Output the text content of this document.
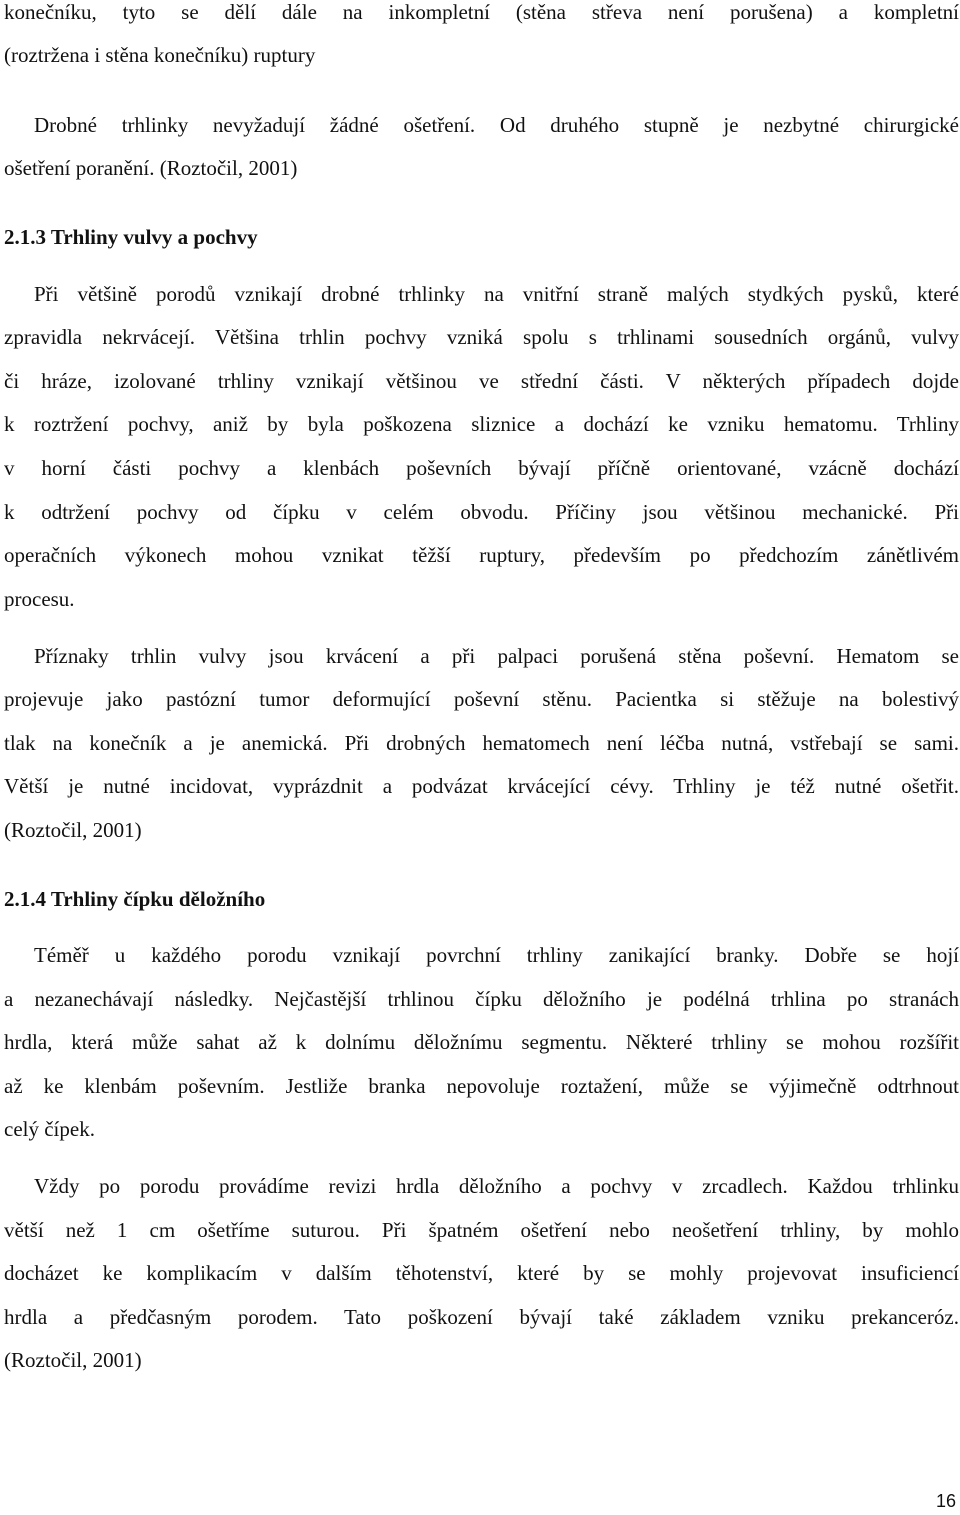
konečníku, tyto se dělí dále na inkompletní (stěna střeva není porušena) a kompletní
(roztržena i stěna konečníku) ruptury
Drobné trhlinky nevyžadují žádné ošetření. Od druhého stupně je nezbytné chirurgické
ošetření poranění. (Roztočil, 2001)
2.1.3 Trhliny vulvy a pochvy
Při většině porodů vznikají drobné trhlinky na vnitřní straně malých stydkých pysků, které
zpravidla nekrvácejí. Většina trhlin pochvy vzniká spolu s trhlinami sousedních orgánů, vulvy
či hráze, izolované trhliny vznikají většinou ve střední části. V některých případech dojde
k roztržení pochvy, aniž by byla poškozena sliznice a dochází ke vzniku hematomu. Trhliny
v horní části pochvy a klenbách poševních bývají příčně orientované, vzácně dochází
k odtržení pochvy od čípku v celém obvodu. Příčiny jsou většinou mechanické. Při
operačních výkonech mohou vznikat těžší ruptury, především po předchozím zánětlivém
procesu.
Příznaky trhlin vulvy jsou krvácení a při palpaci porušená stěna poševní. Hematom se
projevuje jako pastózní tumor deformující poševní stěnu. Pacientka si stěžuje na bolestivý
tlak na konečník a je anemická. Při drobných hematomech není léčba nutná, vstřebají se sami.
Větší je nutné incidovat, vyprázdnit a podvázat krvácející cévy. Trhliny je též nutné ošetřit.
(Roztočil, 2001)
2.1.4 Trhliny čípku děložního
Téměř u každého porodu vznikají povrchní trhliny zanikající branky. Dobře se hojí
a nezanechávají následky. Nejčastější trhlinou čípku děložního je podélná trhlina po stranách
hrdla, která může sahat až k dolnímu děložnímu segmentu. Některé trhliny se mohou rozšířit
až ke klenbám poševním. Jestliže branka nepovoluje roztažení, může se výjimečně odtrhnout
celý čípek.
Vždy po porodu provádíme revizi hrdla děložního a pochvy v zrcadlech. Každou trhlinku
větší než 1 cm ošetříme suturou. Při špatném ošetření nebo neošetření trhliny, by mohlo
docházet ke komplikacím v dalším těhotenství, které by se mohly projevovat insuficiencí
hrdla a předčasným porodem. Tato poškození bývají také základem vzniku prekanceróz.
(Roztočil, 2001)
16
